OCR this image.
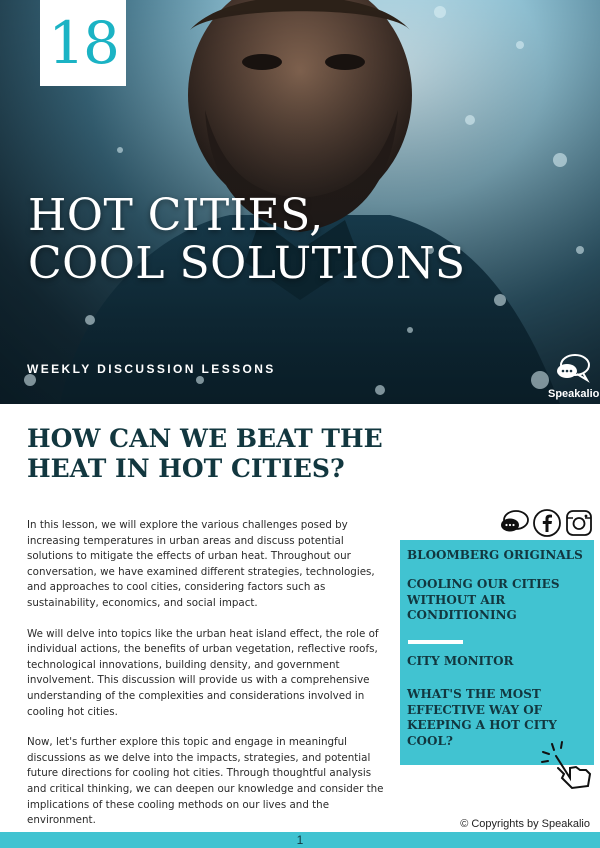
18
HOT CITIES,
COOL SOLUTIONS
WEEKLY DISCUSSION LESSONS
Speakalio
HOW CAN WE BEAT THE
HEAT IN HOT CITIES?

In this lesson, we will explore the various challenges posed by increasing temperatures in urban areas and discuss potential solutions to mitigate the effects of urban heat. Throughout our conversation, we have examined different strategies, technologies, and approaches to cool cities, considering factors such as sustainability, economics, and social impact.

We will delve into topics like the urban heat island effect, the role of individual actions, the benefits of urban vegetation, reflective roofs, technological innovations, building density, and government involvement. This discussion will provide us with a comprehensive understanding of the complexities and considerations involved in cooling hot cities.

Now, let's further explore this topic and engage in meaningful discussions as we delve into the impacts, strategies, and potential future directions for cooling hot cities. Through thoughtful analysis and critical thinking, we can deepen our knowledge and consider the implications of these cooling methods on our lives and the environment.

BLOOMBERG ORIGINALS
COOLING OUR CITIES WITHOUT AIR CONDITIONING
CITY MONITOR
WHAT'S THE MOST EFFECTIVE WAY OF KEEPING A HOT CITY COOL?
© Copyrights by Speakalio
1
